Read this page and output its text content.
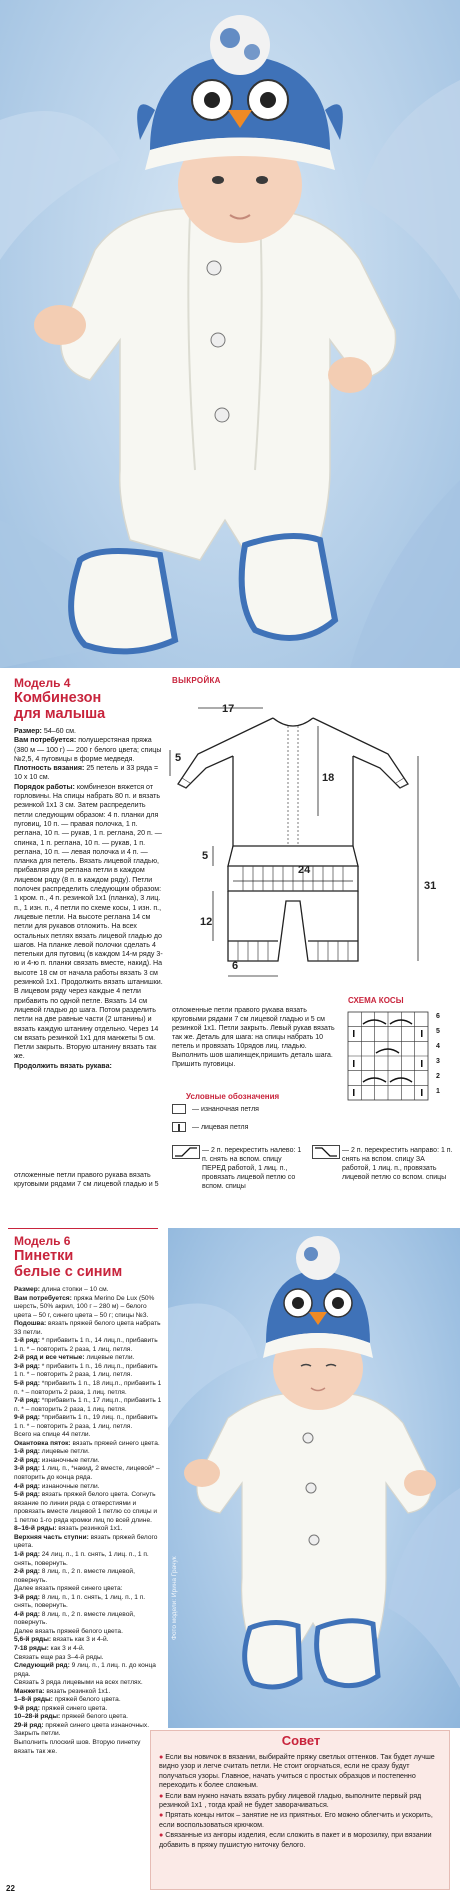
Модель 4
Комбинезон
для малыша

Размер: 54–60 см.

Вам потребуется: полушерстяная пряжа (380 м — 100 г) — 200 г белого цвета; спицы №2,5, 4 пуговицы в форме медведя.

Плотность вязания: 25 петель и 33 ряда = 10 х 10 см.

Порядок работы: комбинезон вяжется от горловины. На спицы набрать 80 п. и вязать резинкой 1х1 3 см. Затем распределить петли следующим образом: 4 п. планки для пуговиц, 10 п. — правая полочка, 1 п. реглана, 10 п. — рукав, 1 п. реглана, 20 п. — спинка, 1 п. реглана, 10 п. — рукав, 1 п. реглана, 10 п. — левая полочка и 4 п. — планка для петель. Вязать лицевой гладью, прибавляя для реглана петли в каждом лицевом ряду (8 п. в каждом ряду). Петли полочек распределить следующим образом: 1 кром. п., 4 п. резинкой 1х1 (планка), 3 лиц. п., 1 изн. п., 4 петли по схеме косы, 1 изн. п., лицевые петли. На высоте реглана 14 см петли для рукавов отложить. На всех остальных петлях вязать лицевой гладью до шагов. На планке левой полочки сделать 4 петельки для пуговиц (в каждом 14-м ряду 3-ю и 4-ю п. планки связать вместе, накид). На высоте 18 см от начала работы вязать 3 см резинкой 1х1. Продолжить вязать штанишки. В лицевом ряду через каждые 4 петли прибавить по одной петле. Вязать 14 см лицевой гладью до шага. Потом разделить петли на две равные части (2 штанины) и вязать каждую штанину отдельно. Через 14 см вязать резинкой 1х1 для манжеты 5 см. Петли закрыть. Вторую штанину вязать так же.

Продолжить вязать рукава:

отложенные петли правого рукава вязать круговыми рядами 7 см лицевой гладью и 5

ВЫКРОЙКА
17
5
18
5
24
31
12
6
отложенные петли правого рукава вязать круговыми рядами 7 см лицевой гладью и 5 см резинкой 1х1. Петли закрыть. Левый рукав вязать так же. Деталь для шага: на спицы набрать 10 петель и провязать 10рядов лиц. гладью. Выполнить шов шапинщек,пришить деталь шага. Пришить пуговицы.
СХЕМА КОСЫ
6
5
4
3
2
1
Условные обозначения
— изнаночная петля
— лицевая петля
— 2 п. перекрестить налево: 1 п. снять на вспом. спицу ПЕРЕД работой, 1 лиц. п., провязать лицевой петлю со вспом. спицы
— 2 п. перекрестить направо: 1 п. снять на вспом. спицу ЗА работой, 1 лиц. п., провязать лицевой петлю со вспом. спицы
Модель 6
Пинетки
белые с синим

Размер: длина стопки – 10 см.

Вам потребуется: пряжа Merino De Lux (50% шерсть, 50% акрил, 100 г – 280 м) – белого цвета – 50 г, синего цвета – 50 г; спицы №3.

Подошва: вязать пряжей белого цвета набрать 33 петли.

1-й ряд: * прибавить 1 п., 14 лиц.п., прибавить 1 п. * – повторить 2 раза, 1 лиц. петля.

2-й ряд и все четные: лицевые петли.

3-й ряд: * прибавить 1 п., 16 лиц.п., прибавить 1 п. * – повторить 2 раза, 1 лиц. петля.

5-й ряд: *прибавить 1 п., 18 лиц.п., прибавить 1 п. * – повторить 2 раза, 1 лиц. петля.

7-й ряд: *прибавить 1 п., 17 лиц.п., прибавить 1 п. * – повторить 2 раза, 1 лиц. петля.

9-й ряд: *прибавить 1 п., 19 лиц. п., прибавить 1 п. * – повторить 2 раза, 1 лиц. петля.

Всего на спице 44 петли.

Окантовка пяток: вязать пряжей синего цвета.

1-й ряд: лицевые петли.

2-й ряд: изнаночные петли.

3-й ряд: 1 лиц. п., *накид, 2 вместе, лицевой* – повторить до конца ряда.

4-й ряд: изнаночные петли.

5-й ряд: вязать пряжей белого цвета. Согнуть вязание по линии ряда с отверстиями и провязать вместе лицевой 1 петлю со спицы и 1 петлю 1-го ряда кромки лиц по всей длине.

8–16-й ряды: вязать резинкой 1х1.

Верхняя часть ступни: вязать пряжей белого цвета.

1-й ряд: 24 лиц. п., 1 п. снять, 1 лиц. п., 1 п. снять, повернуть.

2-й ряд: 8 лиц. п., 2 п. вместе лицевой, повернуть.

Далее вязать пряжей синего цвета:

3-й ряд: 8 лиц. п., 1 п. снять, 1 лиц. п., 1 п. снять, повернуть.

4-й ряд: 8 лиц. п., 2 п. вместе лицевой, повернуть.

Далее вязать пряжей белого цвета.

5,6-й ряды: вязать как 3 и 4-й.

7-18 ряды: как 3 и 4-й.

Связать еще раз 3–4-й ряды.

Следующий ряд: 9 лиц. п., 1 лиц. п. до конца ряда.

Связать 3 ряда лицевыми на всех петлях.

Манжета: вязать резинкой 1х1.

1–8-й ряды: пряжей белого цвета.

9-й ряд: пряжей синего цвета.

10–28-й ряды: пряжей белого цвета.

29-й ряд: пряжей синего цвета изнаночных. Закрыть петли.

Выполнить плоский шов. Вторую пинетку вязать так же.

Фото модели: Ирина Грачук
Совет

● Если вы новичок в вязании, выбирайте пряжу светлых оттенков. Так будет лучше видно узор и легче считать петли. Не стоит огорчаться, если не сразу будут получаться узоры. Главное, начать учиться с простых образцов и постепенно переходить к более сложным.

● Если вам нужно начать вязать рубку лицевой гладью, выполните первый ряд резинкой 1х1 , тогда край не будет заворачиваться.

● Прятать концы ниток – занятие не из приятных. Его можно облегчить и ускорить, если воспользоваться крючком.

● Связанные из ангоры изделия, если сложить в пакет и в морозилку, при вязании добавить в пряжу пушистую ниточку белого.

22
